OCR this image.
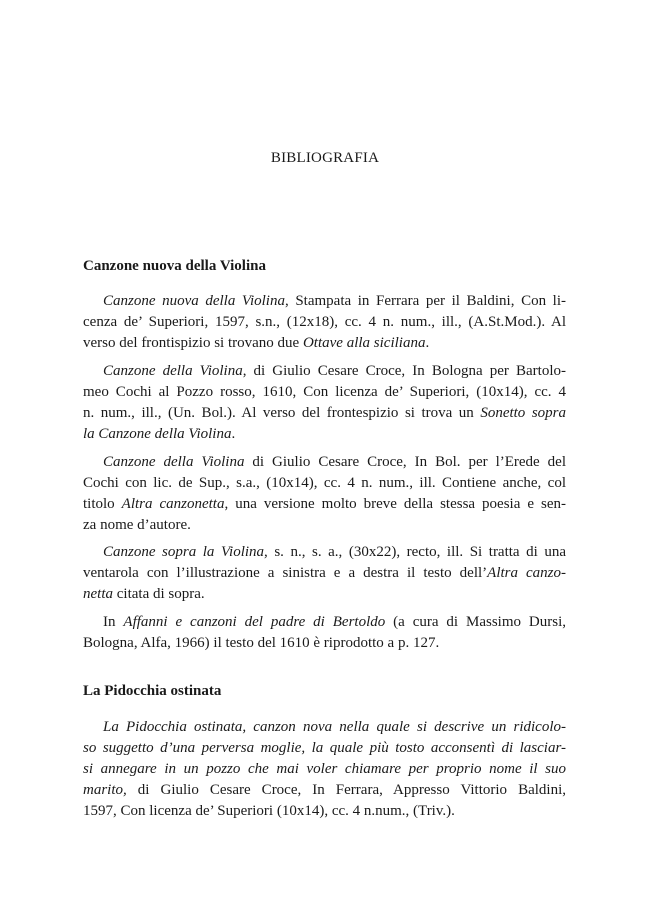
BIBLIOGRAFIA
Canzone nuova della Violina
Canzone nuova della Violina, Stampata in Ferrara per il Baldini, Con li-
cenza de’ Superiori, 1597, s.n., (12x18), cc. 4 n. num., ill., (A.St.Mod.). Al
verso del frontispizio si trovano due Ottave alla siciliana.
Canzone della Violina, di Giulio Cesare Croce, In Bologna per Bartolo-
meo Cochi al Pozzo rosso, 1610, Con licenza de’ Superiori, (10x14), cc. 4
n. num., ill., (Un. Bol.). Al verso del frontespizio si trova un Sonetto sopra
la Canzone della Violina.
Canzone della Violina di Giulio Cesare Croce, In Bol. per l’Erede del
Cochi con lic. de Sup., s.a., (10x14), cc. 4 n. num., ill. Contiene anche, col
titolo Altra canzonetta, una versione molto breve della stessa poesia e sen-
za nome d’autore.
Canzone sopra la Violina, s. n., s. a., (30x22), recto, ill. Si tratta di una
ventarola con l’illustrazione a sinistra e a destra il testo dell’Altra canzo-
netta citata di sopra.
In Affanni e canzoni del padre di Bertoldo (a cura di Massimo Dursi,
Bologna, Alfa, 1966) il testo del 1610 è riprodotto a p. 127.
La Pidocchia ostinata
La Pidocchia ostinata, canzon nova nella quale si descrive un ridicolo-
so suggetto d’una perversa moglie, la quale più tosto acconsentì di lasciar-
si annegare in un pozzo che mai voler chiamare per proprio nome il suo
marito, di Giulio Cesare Croce, In Ferrara, Appresso Vittorio Baldini,
1597, Con licenza de’ Superiori (10x14), cc. 4 n.num., (Triv.).
